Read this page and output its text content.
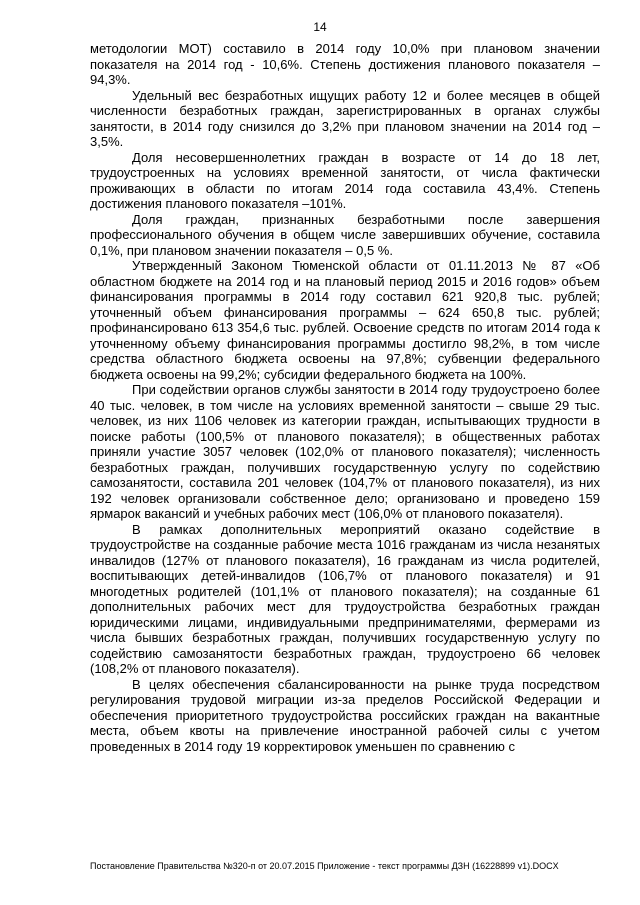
14

методологии МОТ) составило в 2014 году 10,0% при плановом значении показателя на 2014 год - 10,6%. Степень достижения планового показателя – 94,3%.

Удельный вес безработных ищущих работу 12 и более месяцев в общей численности безработных граждан, зарегистрированных в органах службы занятости, в 2014 году снизился до 3,2% при плановом значении на 2014 год – 3,5%.

Доля несовершеннолетних граждан в возрасте от 14 до 18 лет, трудоустроенных на условиях временной занятости, от числа фактически проживающих в области по итогам 2014 года составила 43,4%. Степень достижения планового показателя –101%.

Доля граждан, признанных безработными после завершения профессионального обучения в общем числе завершивших обучение, составила 0,1%, при плановом значении показателя – 0,5 %.

Утвержденный Законом Тюменской области от 01.11.2013 № 87 «Об областном бюджете на 2014 год и на плановый период 2015 и 2016 годов» объем финансирования программы в 2014 году составил 621 920,8 тыс. рублей; уточненный объем финансирования программы – 624 650,8 тыс. рублей; профинансировано 613 354,6 тыс. рублей. Освоение средств по итогам 2014 года к уточненному объему финансирования программы достигло 98,2%, в том числе средства областного бюджета освоены на 97,8%; субвенции федерального бюджета освоены на 99,2%; субсидии федерального бюджета на 100%.

При содействии органов службы занятости в 2014 году трудоустроено более 40 тыс. человек, в том числе на условиях временной занятости – свыше 29 тыс. человек, из них 1106 человек из категории граждан, испытывающих трудности в поиске работы (100,5% от планового показателя); в общественных работах приняли участие 3057 человек (102,0% от планового показателя); численность безработных граждан, получивших государственную услугу по содействию самозанятости, составила 201 человек (104,7% от планового показателя), из них 192 человек организовали собственное дело; организовано и проведено 159 ярмарок вакансий и учебных рабочих мест (106,0% от планового показателя).

В рамках дополнительных мероприятий оказано содействие в трудоустройстве на созданные рабочие места 1016 гражданам из числа незанятых инвалидов (127% от планового показателя), 16 гражданам из числа родителей, воспитывающих детей-инвалидов (106,7% от планового показателя) и 91 многодетных родителей (101,1% от планового показателя); на созданные 61 дополнительных рабочих мест для трудоустройства безработных граждан юридическими лицами, индивидуальными предпринимателями, фермерами из числа бывших безработных граждан, получивших государственную услугу по содействию самозанятости безработных граждан, трудоустроено 66 человек (108,2% от планового показателя).

В целях обеспечения сбалансированности на рынке труда посредством регулирования трудовой миграции из-за пределов Российской Федерации и обеспечения приоритетного трудоустройства российских граждан на вакантные места, объем квоты на привлечение иностранной рабочей силы с учетом проведенных в 2014 году 19 корректировок уменьшен по сравнению с

Постановление Правительства №320-п от 20.07.2015 Приложение - текст программы ДЗН (16228899 v1).DOCX
